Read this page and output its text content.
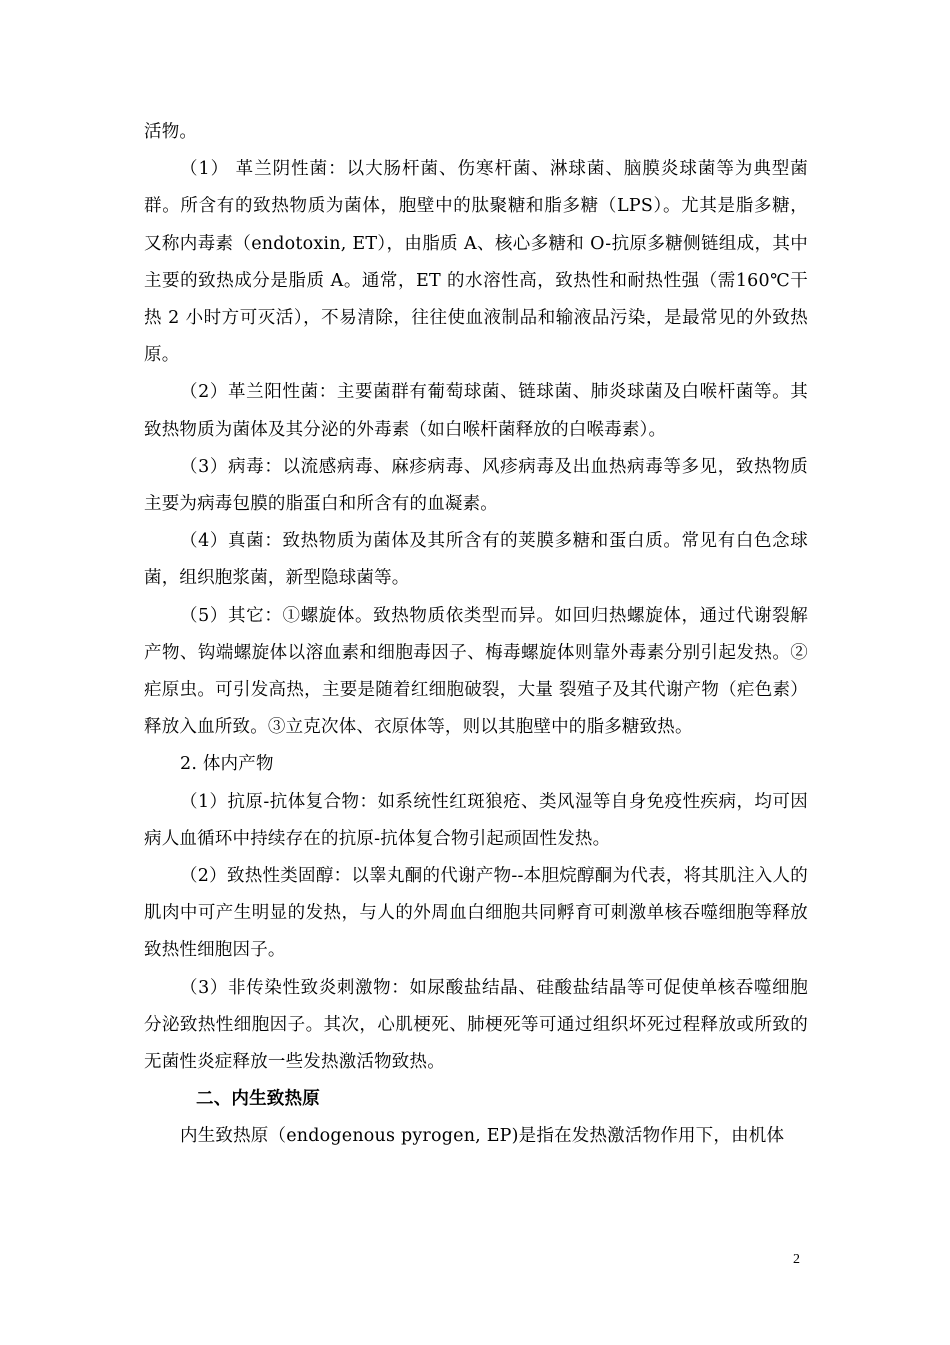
活物。

（1） 革兰阴性菌：以大肠杆菌、伤寒杆菌、淋球菌、脑膜炎球菌等为典型菌群。所含有的致热物质为菌体，胞壁中的肽聚糖和脂多糖（LPS）。尤其是脂多糖，又称内毒素（endotoxin, ET），由脂质 A、核心多糖和 O-抗原多糖侧链组成，其中主要的致热成分是脂质 A。通常，ET 的水溶性高，致热性和耐热性强（需160℃干热 2 小时方可灭活），不易清除，往往使血液制品和输液品污染，是最常见的外致热原。

（2）革兰阳性菌：主要菌群有葡萄球菌、链球菌、肺炎球菌及白喉杆菌等。其致热物质为菌体及其分泌的外毒素（如白喉杆菌释放的白喉毒素）。

（3）病毒：以流感病毒、麻疹病毒、风疹病毒及出血热病毒等多见，致热物质主要为病毒包膜的脂蛋白和所含有的血凝素。

（4）真菌：致热物质为菌体及其所含有的荚膜多糖和蛋白质。常见有白色念球菌，组织胞浆菌，新型隐球菌等。

（5）其它：①螺旋体。致热物质依类型而异。如回归热螺旋体，通过代谢裂解产物、钩端螺旋体以溶血素和细胞毒因子、梅毒螺旋体则靠外毒素分别引起发热。②疟原虫。可引发高热，主要是随着红细胞破裂，大量 裂殖子及其代谢产物（疟色素）释放入血所致。③立克次体、衣原体等，则以其胞壁中的脂多糖致热。

2. 体内产物

（1）抗原-抗体复合物：如系统性红斑狼疮、类风湿等自身免疫性疾病，均可因病人血循环中持续存在的抗原-抗体复合物引起顽固性发热。

（2）致热性类固醇：以睾丸酮的代谢产物--本胆烷醇酮为代表，将其肌注入人的肌肉中可产生明显的发热，与人的外周血白细胞共同孵育可刺激单核吞噬细胞等释放致热性细胞因子。

（3）非传染性致炎刺激物：如尿酸盐结晶、硅酸盐结晶等可促使单核吞噬细胞分泌致热性细胞因子。其次，心肌梗死、肺梗死等可通过组织坏死过程释放或所致的无菌性炎症释放一些发热激活物致热。

二、内生致热原

内生致热原（endogenous pyrogen, EP)是指在发热激活物作用下，由机体

2
